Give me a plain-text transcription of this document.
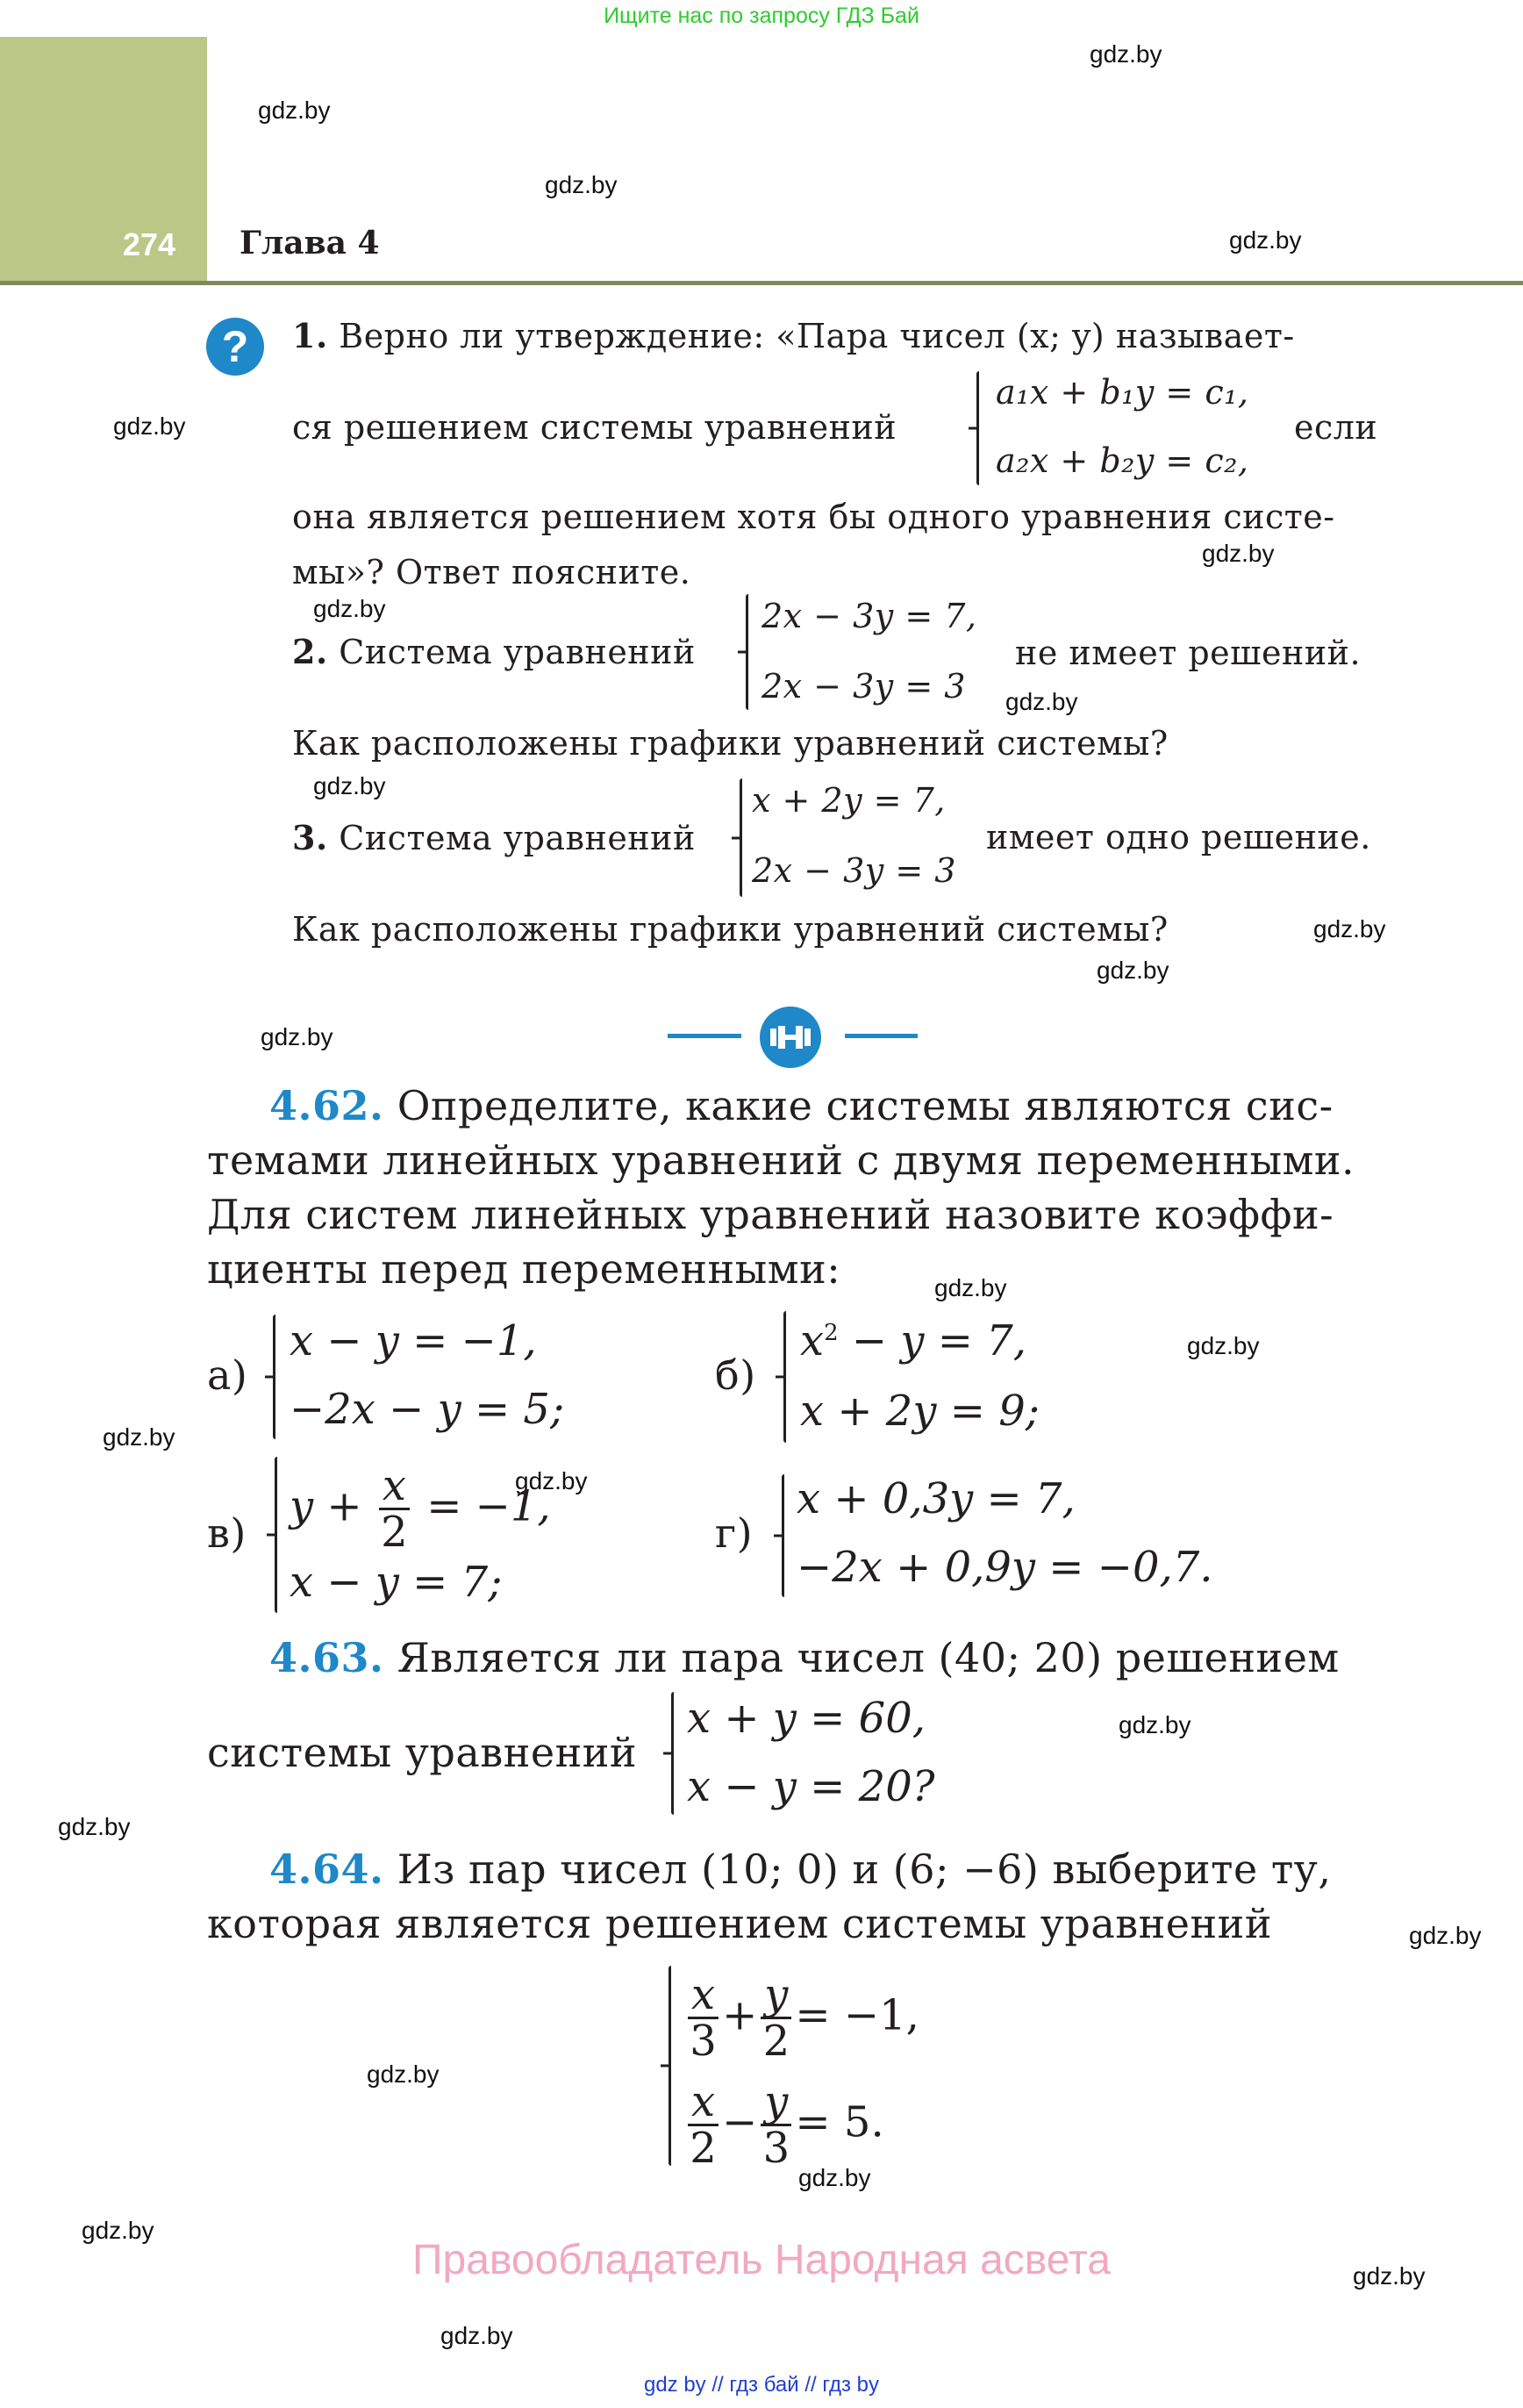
Ищите нас по запросу ГДЗ Бай
274 Глава 4
gdz.by
gdz.by
gdz.by
gdz.by
gdz.by
gdz.by
gdz.by
gdz.by
gdz.by
gdz.by
gdz.by
gdz.by
gdz.by
gdz.by
gdz.by
gdz.by
gdz.by
gdz.by
gdz.by
gdz.by
gdz.by
gdz.by
gdz.by
gdz.by
?	1. Верно ли утверждение: «Пара чисел (x; y) называет-
ся решением системы уравнений
a₁x + b₁y = c₁,
a₂x + b₂y = c₂,
если
она является решением хотя бы одного уравнения систе-
мы»? Ответ поясните.
2. Система уравнений
2x − 3y = 7,
2x − 3y = 3
не имеет решений.
Как расположены графики уравнений системы?
3. Система уравнений
x + 2y = 7,
2x − 3y = 3
имеет одно решение.
Как расположены графики уравнений системы?
4.62. Определите, какие системы являются сис-
темами линейных уравнений с двумя переменными.
Для систем линейных уравнений назовите коэффи-
циенты перед переменными:
а)
x − y = −1,
−2x − y = 5;
б)
$x^2 - y = 7$,
x + 2y = 9;
в)
$y + \frac{x}{2} = -1$,
x − y = 7;
г)
x + 0,3y = 7,
−2x + 0,9y = −0,7.
4.63. Является ли пара чисел (40; 20) решением
системы уравнений
x + y = 60,
x − y = 20?
4.64. Из пар чисел (10; 0) и (6; −6) выберите ту,
которая является решением системы уравнений
$\frac{x}{3} + \frac{y}{2} = -1$,
$\frac{x}{2} - \frac{y}{3} = 5$.
Правообладатель Народная асвета
gdz by // гдз бай // гдз by
